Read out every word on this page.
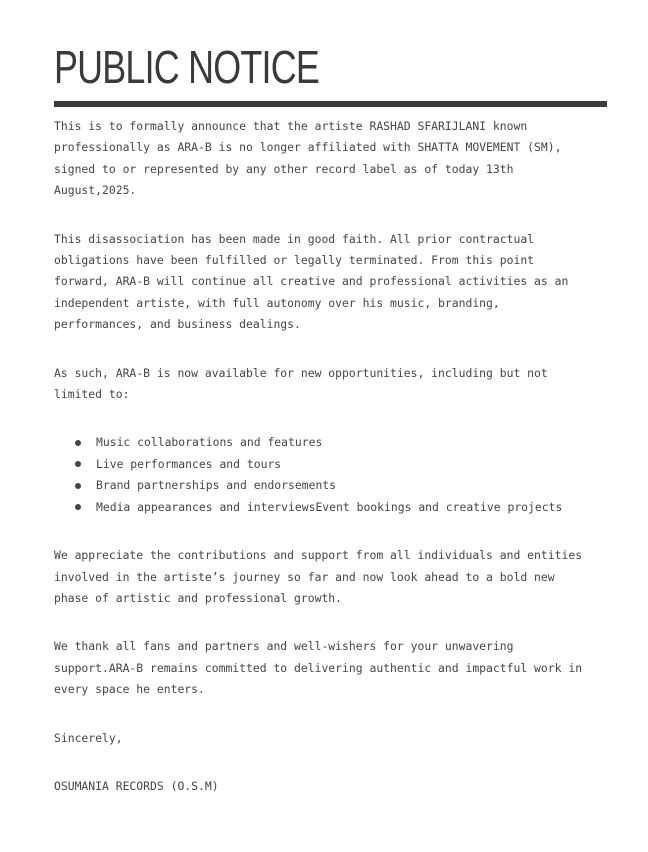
PUBLIC NOTICE

This is to formally announce that the artiste RASHAD SFARIJLANI known
professionally as ARA-B is no longer affiliated with SHATTA MOVEMENT (SM),
signed to or represented by any other record label as of today 13th
August,2025.

This disassociation has been made in good faith. All prior contractual
obligations have been fulfilled or legally terminated. From this point
forward, ARA-B will continue all creative and professional activities as an
independent artiste, with full autonomy over his music, branding,
performances, and business dealings.

As such, ARA-B is now available for new opportunities, including but not
limited to:

Music collaborations and features
Live performances and tours
Brand partnerships and endorsements
Media appearances and interviewsEvent bookings and creative projects

We appreciate the contributions and support from all individuals and entities
involved in the artiste’s journey so far and now look ahead to a bold new
phase of artistic and professional growth.

We thank all fans and partners and well-wishers for your unwavering
support.ARA-B remains committed to delivering authentic and impactful work in
every space he enters.

Sincerely,

OSUMANIA RECORDS (O.S.M)
